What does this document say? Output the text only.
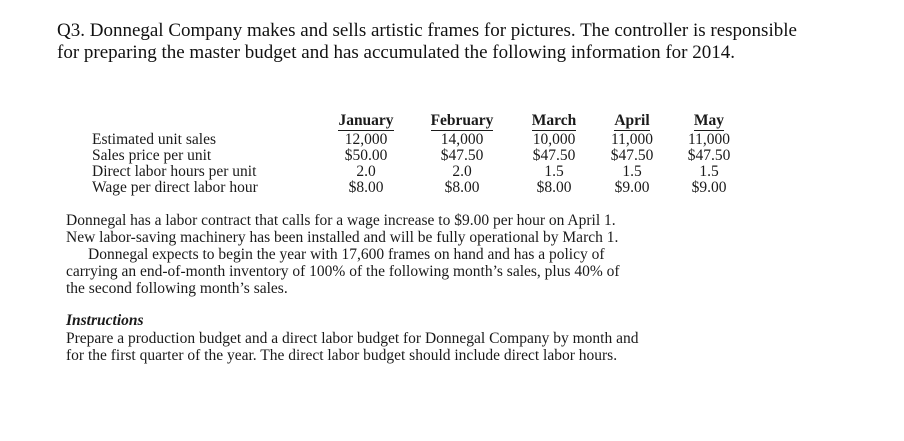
Q3. Donnegal Company makes and sells artistic frames for pictures. The controller is responsible
for preparing the master budget and has accumulated the following information for 2014.
	January	February	March	April	May
Estimated unit sales	12,000	14,000	10,000	11,000	11,000
Sales price per unit	$50.00	$47.50	$47.50	$47.50	$47.50
Direct labor hours per unit	2.0	2.0	1.5	1.5	1.5
Wage per direct labor hour	$8.00	$8.00	$8.00	$9.00	$9.00
Donnegal has a labor contract that calls for a wage increase to $9.00 per hour on April 1.
New labor-saving machinery has been installed and will be fully operational by March 1.
Donnegal expects to begin the year with 17,600 frames on hand and has a policy of
carrying an end-of-month inventory of 100% of the following month’s sales, plus 40% of
the second following month’s sales.
Instructions
Prepare a production budget and a direct labor budget for Donnegal Company by month and
for the first quarter of the year. The direct labor budget should include direct labor hours.
